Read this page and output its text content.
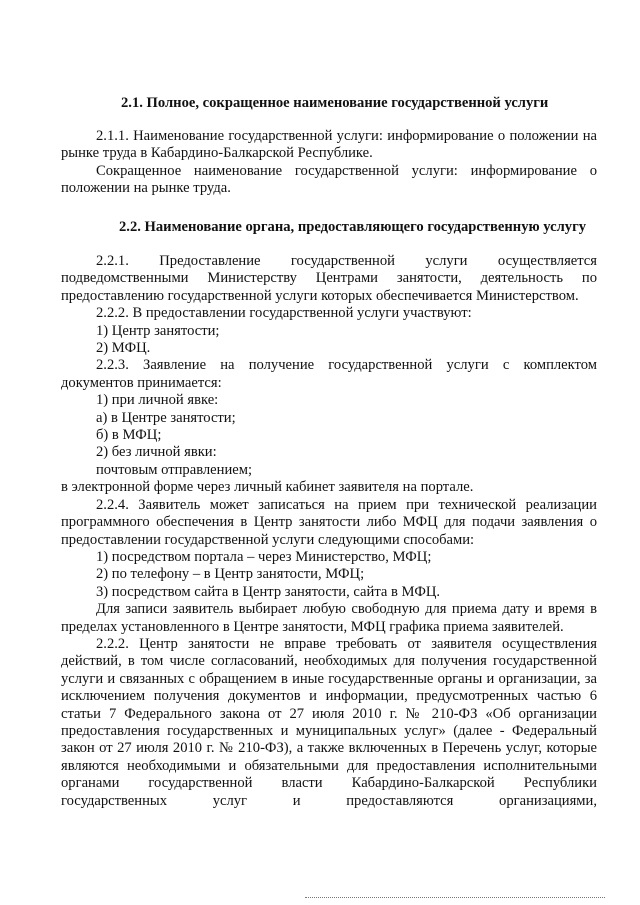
2.1. Полное, сокращенное наименование государственной услуги

2.1.1. Наименование государственной услуги: информирование о положении на рынке труда в Кабардино-Балкарской Республике.

Сокращенное наименование государственной услуги: информирование о положении на рынке труда.

2.2. Наименование органа, предоставляющего государственную услугу

2.2.1. Предоставление государственной услуги осуществляется подведомственными Министерству Центрами занятости, деятельность по предоставлению государственной услуги которых обеспечивается Министерством.

2.2.2. В предоставлении государственной услуги участвуют:

1) Центр занятости;

2) МФЦ.

2.2.3. Заявление на получение государственной услуги с комплектом документов принимается:

1) при личной явке:

а) в Центре занятости;

б) в МФЦ;

2) без личной явки:

почтовым отправлением;

в электронной форме через личный кабинет заявителя на портале.

2.2.4. Заявитель может записаться на прием при технической реализации программного обеспечения в Центр занятости либо МФЦ для подачи заявления о предоставлении государственной услуги следующими способами:

1) посредством портала – через Министерство, МФЦ;

2) по телефону – в Центр занятости, МФЦ;

3) посредством сайта в Центр занятости, сайта в МФЦ.

Для записи заявитель выбирает любую свободную для приема дату и время в пределах установленного в Центре занятости, МФЦ графика приема заявителей.

2.2.2. Центр занятости не вправе требовать от заявителя осуществления действий, в том числе согласований, необходимых для получения государственной услуги и связанных с обращением в иные государственные органы и организации, за исключением получения документов и информации, предусмотренных частью 6 статьи 7 Федерального закона от 27 июля 2010 г. № 210-ФЗ «Об организации предоставления государственных и муниципальных услуг» (далее - Федеральный закон от 27 июля 2010 г. № 210-ФЗ), а также включенных в Перечень услуг, которые являются необходимыми и обязательными для предоставления исполнительными органами государственной власти Кабардино-Балкарской Республики государственных услуг и предоставляются организациями,
